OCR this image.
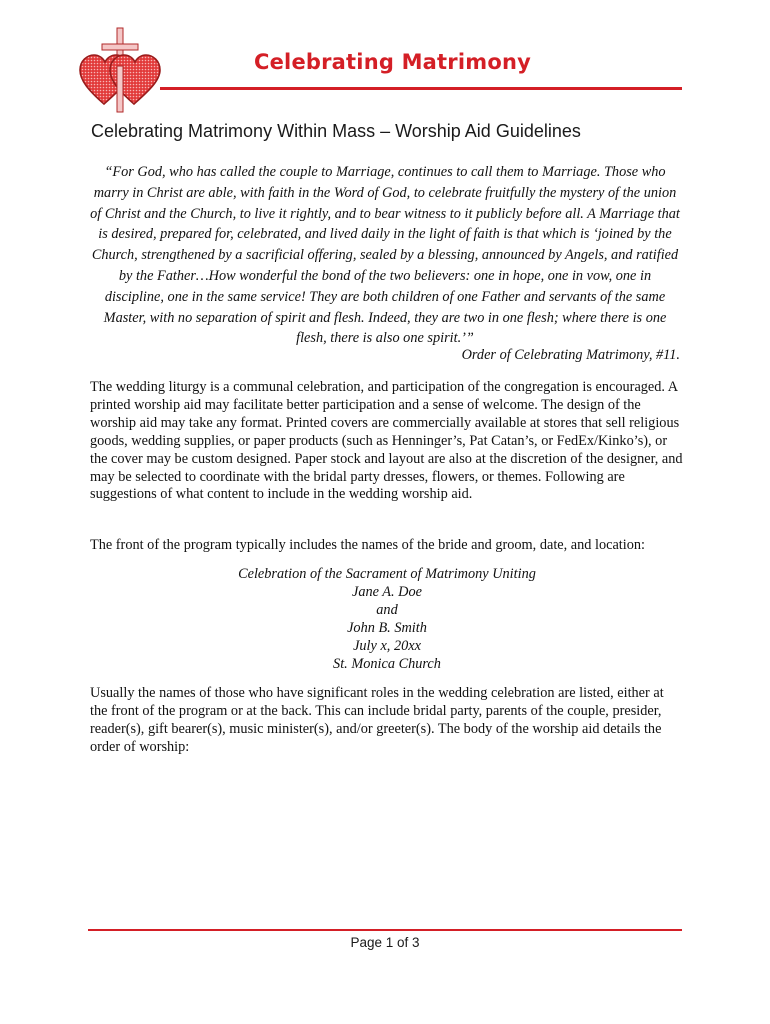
Celebrating Matrimony
Celebrating Matrimony Within Mass – Worship Aid Guidelines

“For God, who has called the couple to Marriage, continues to call them to Marriage. Those who marry in Christ are able, with faith in the Word of God, to celebrate fruitfully the mystery of the union of Christ and the Church, to live it rightly, and to bear witness to it publicly before all. A Marriage that is desired, prepared for, celebrated, and lived daily in the light of faith is that which is ‘joined by the Church, strengthened by a sacrificial offering, sealed by a blessing, announced by Angels, and ratified by the Father…How wonderful the bond of the two believers: one in hope, one in vow, one in discipline, one in the same service! They are both children of one Father and servants of the same Master, with no separation of spirit and flesh. Indeed, they are two in one flesh; where there is one flesh, there is also one spirit.’”

Order of Celebrating Matrimony, #11.

The wedding liturgy is a communal celebration, and participation of the congregation is encouraged. A printed worship aid may facilitate better participation and a sense of welcome. The design of the worship aid may take any format. Printed covers are commercially available at stores that sell religious goods, wedding supplies, or paper products (such as Henninger’s, Pat Catan’s, or FedEx/Kinko’s), or the cover may be custom designed. Paper stock and layout are also at the discretion of the designer, and may be selected to coordinate with the bridal party dresses, flowers, or themes. Following are suggestions of what content to include in the wedding worship aid.

The front of the program typically includes the names of the bride and groom, date, and location:

Celebration of the Sacrament of Matrimony Uniting
Jane A. Doe
and
John B. Smith
July x, 20xx
St. Monica Church

Usually the names of those who have significant roles in the wedding celebration are listed, either at the front of the program or at the back. This can include bridal party, parents of the couple, presider, reader(s), gift bearer(s), music minister(s), and/or greeter(s). The body of the worship aid details the order of worship:

Page 1 of 3
